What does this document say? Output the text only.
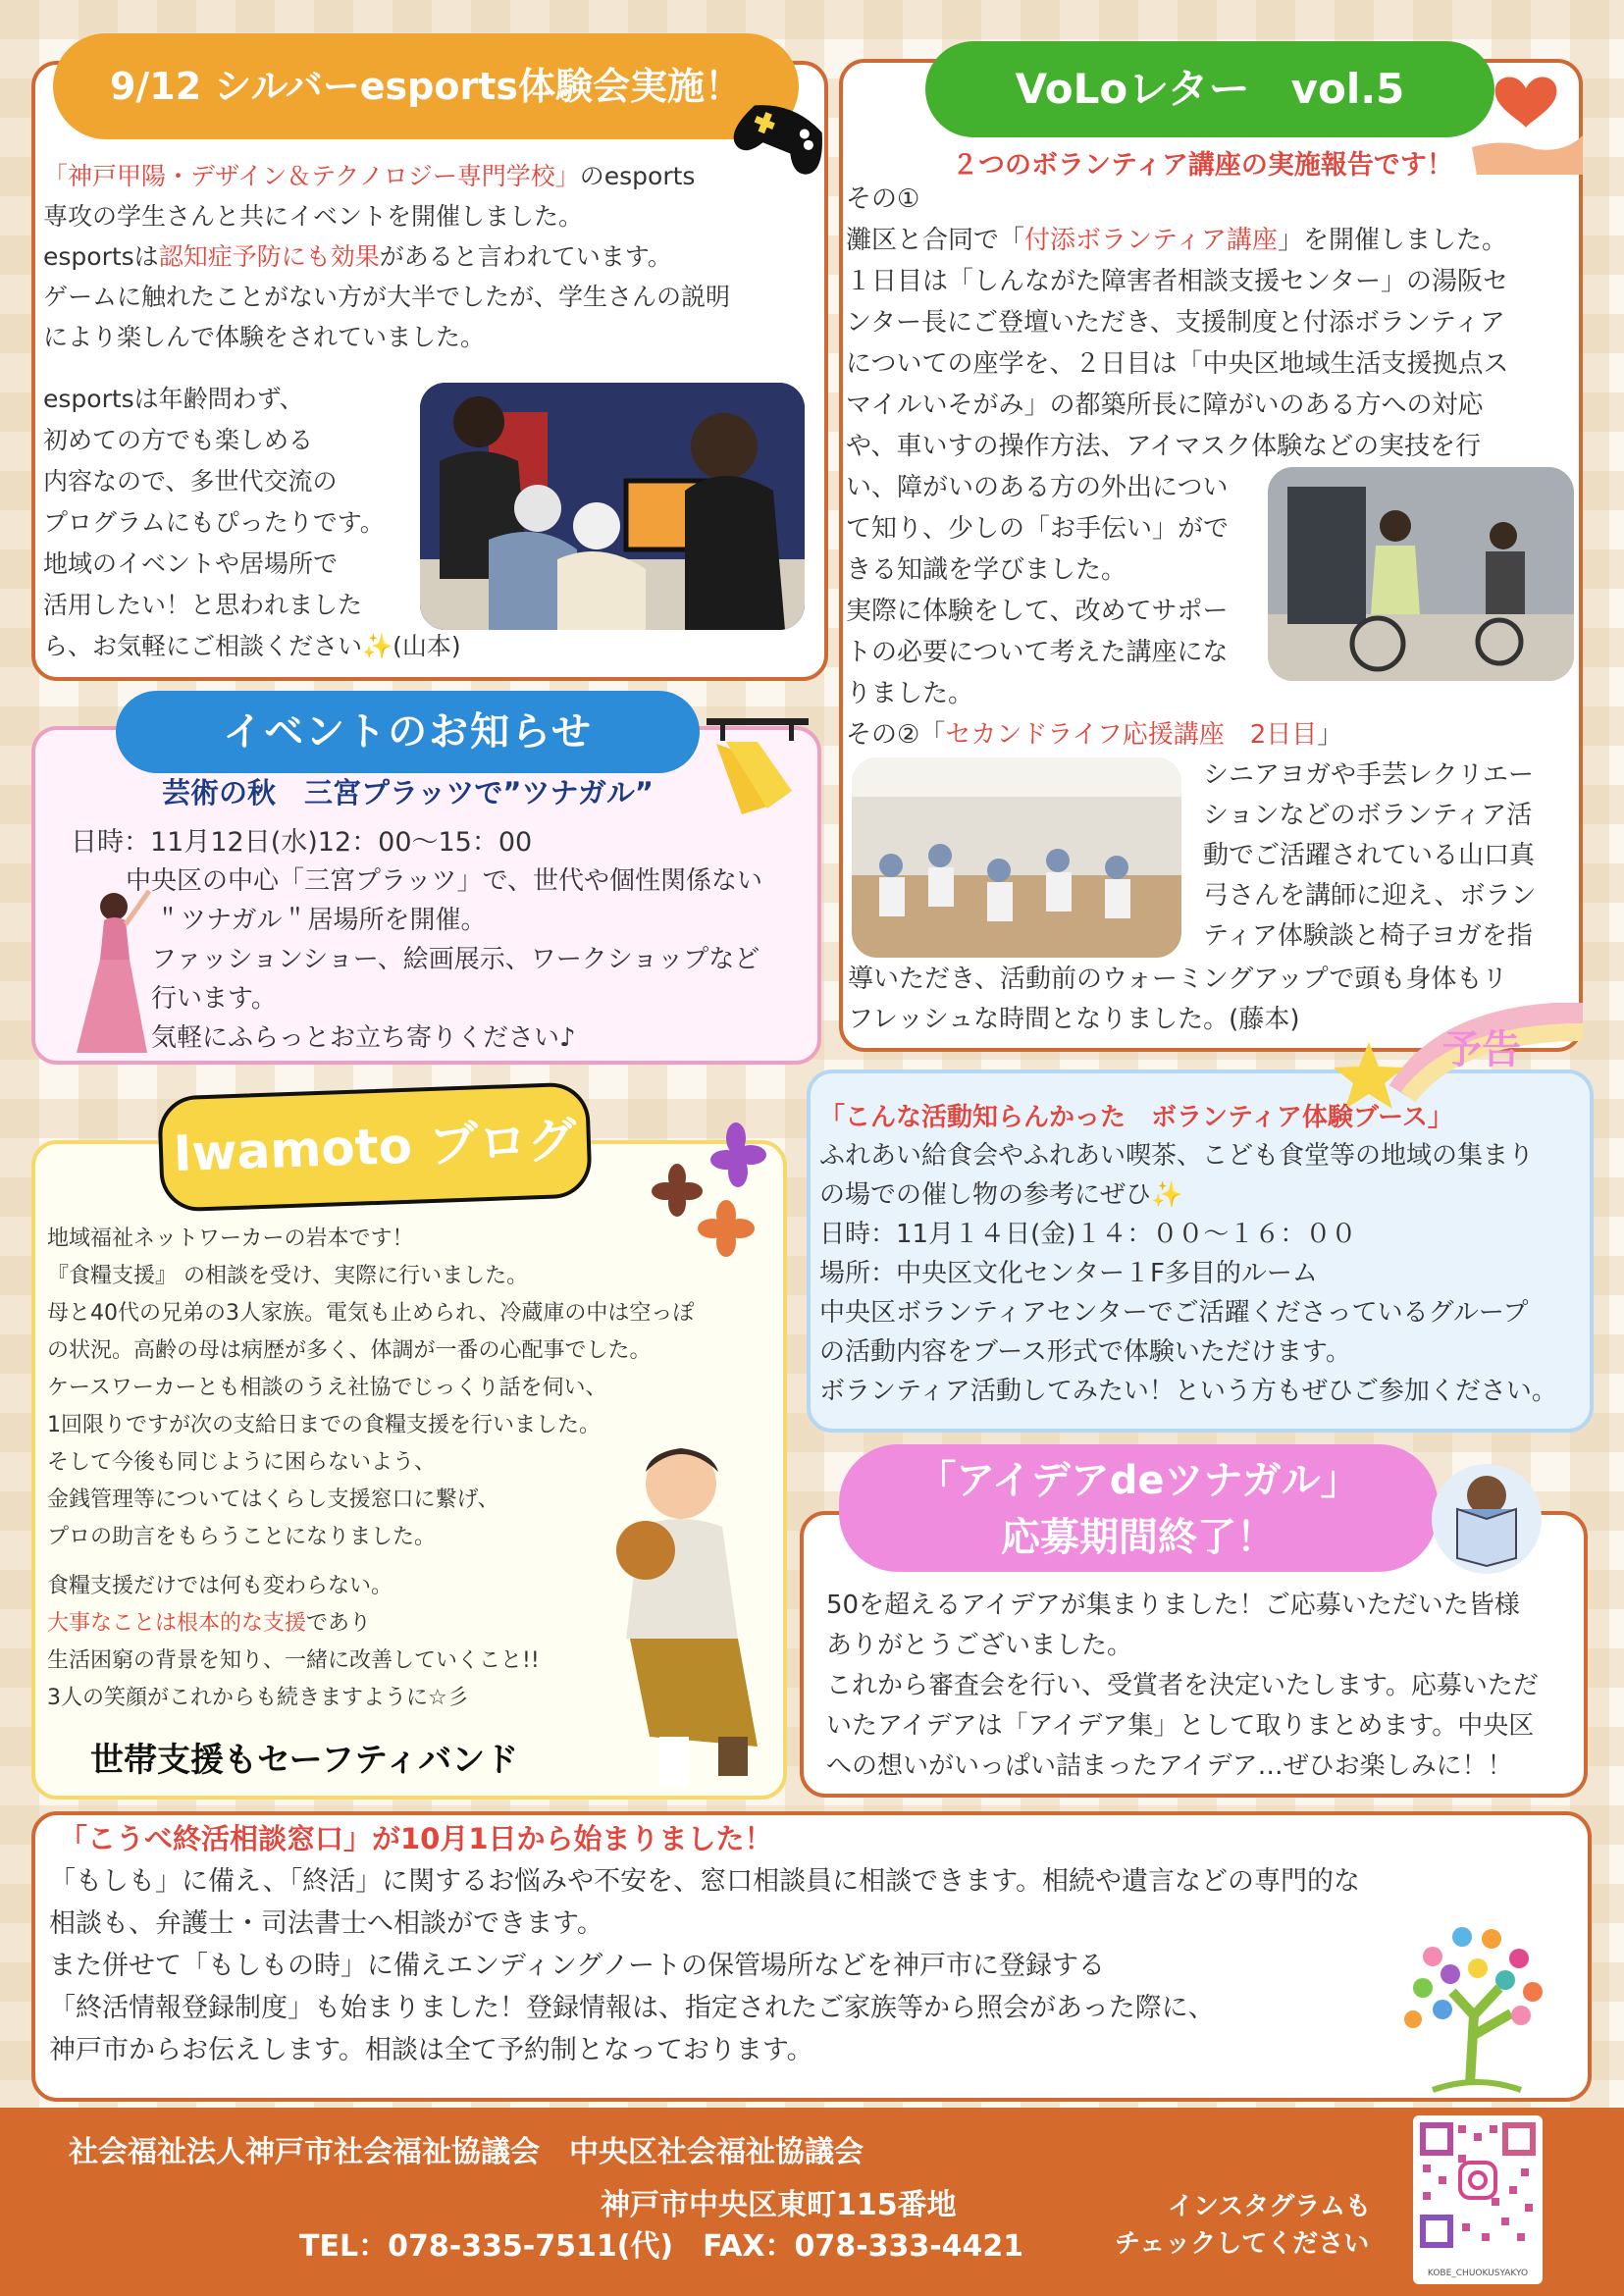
9/12 シルバーesports体験会実施！

「神戸甲陽・デザイン＆テクノロジー専門学校」のesports

専攻の学生さんと共にイベントを開催しました。

esportsは認知症予防にも効果があると言われています。

ゲームに触れたことがない方が大半でしたが、学生さんの説明

により楽しんで体験をされていました。

esportsは年齢問わず、

初めての方でも楽しめる

内容なので、多世代交流の

プログラムにもぴったりです。

地域のイベントや居場所で

活用したい！と思われました

ら、お気軽にご相談ください✨(山本)

イベントのお知らせ
芸術の秋　三宮プラッツで”ツナガル”
日時：11月12日(水)12：00〜15：00

中央区の中心「三宮プラッツ」で、世代や個性関係ない

＂ツナガル＂居場所を開催。

ファッションショー、絵画展示、ワークショップなど

行います。

気軽にふらっとお立ち寄りください♪

VoLoレター　vol.5
２つのボランティア講座の実施報告です！

その①

灘区と合同で「付添ボランティア講座」を開催しました。

１日目は「しんながた障害者相談支援センター」の湯阪セ

ンター長にご登壇いただき、支援制度と付添ボランティア

についての座学を、２日目は「中央区地域生活支援拠点ス

マイルいそがみ」の都築所長に障がいのある方への対応

や、車いすの操作方法、アイマスク体験などの実技を行

い、障がいのある方の外出につい

て知り、少しの「お手伝い」がで

きる知識を学びました。

実際に体験をして、改めてサポー

トの必要について考えた講座にな

りました。

その②「セカンドライフ応援講座　2日目」

シニアヨガや手芸レクリエー

ションなどのボランティア活

動でご活躍されている山口真

弓さんを講師に迎え、ボラン

ティア体験談と椅子ヨガを指

導いただき、活動前のウォーミングアップで頭も身体もリ

フレッシュな時間となりました。(藤本)

予告
「こんな活動知らんかった　ボランティア体験ブース」

ふれあい給食会やふれあい喫茶、こども食堂等の地域の集まり

の場での催し物の参考にぜひ✨

日時：11月１４日(金)１４：００〜１６：００

場所：中央区文化センター１F多目的ルーム

中央区ボランティアセンターでご活躍くださっているグループ

の活動内容をブース形式で体験いただけます。

ボランティア活動してみたい！という方もぜひご参加ください。

Iwamoto ブログ

地域福祉ネットワーカーの岩本です！

『食糧支援』 の相談を受け、実際に行いました。

母と40代の兄弟の3人家族。電気も止められ、冷蔵庫の中は空っぽ

の状況。高齢の母は病歴が多く、体調が一番の心配事でした。

ケースワーカーとも相談のうえ社協でじっくり話を伺い、

1回限りですが次の支給日までの食糧支援を行いました。

そして今後も同じように困らないよう、

金銭管理等についてはくらし支援窓口に繋げ、

プロの助言をもらうことになりました。

食糧支援だけでは何も変わらない。

大事なことは根本的な支援であり

生活困窮の背景を知り、一緒に改善していくこと!!

3人の笑顔がこれからも続きますように☆彡

世帯支援もセーフティバンド

「アイデアdeツナガル」

応募期間終了！

50を超えるアイデアが集まりました！ご応募いただいた皆様

ありがとうございました。

これから審査会を行い、受賞者を決定いたします。応募いただ

いたアイデアは「アイデア集」として取りまとめます。中央区

への想いがいっぱい詰まったアイデア…ぜひお楽しみに！！

「こうべ終活相談窓口」が10月1日から始まりました！

「もしも」に備え、「終活」に関するお悩みや不安を、窓口相談員に相談できます。相続や遺言などの専門的な

相談も、弁護士・司法書士へ相談ができます。

また併せて「もしもの時」に備えエンディングノートの保管場所などを神戸市に登録する

「終活情報登録制度」も始まりました！登録情報は、指定されたご家族等から照会があった際に、

神戸市からお伝えします。相談は全て予約制となっております。

社会福祉法人神戸市社会福祉協議会　中央区社会福祉協議会
神戸市中央区東町115番地
TEL：078-335-7511(代)　FAX：078-333-4421
インスタグラムも
チェックしてください
KOBE_CHUOKUSYAKYO
